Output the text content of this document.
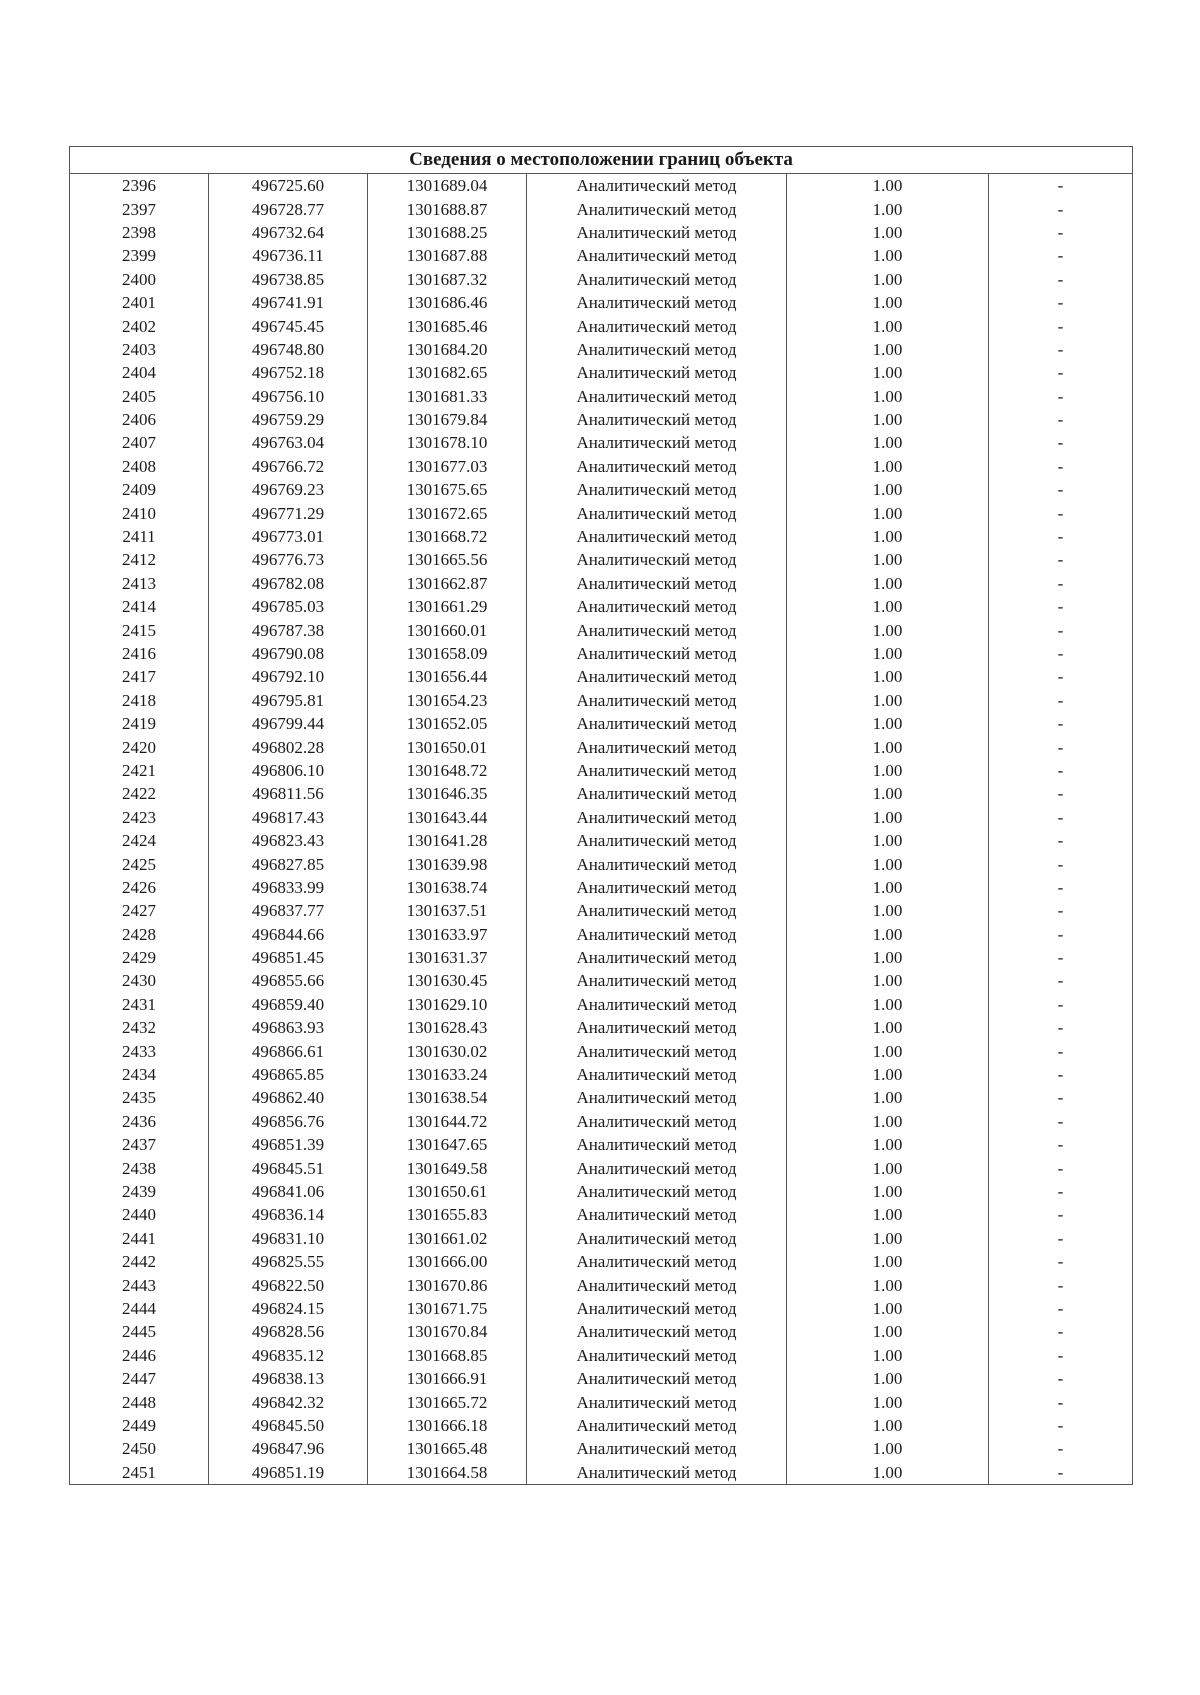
Сведения о местоположении границ объекта					
2396	496725.60	1301689.04	Аналитический метод	1.00	-
2397	496728.77	1301688.87	Аналитический метод	1.00	-
2398	496732.64	1301688.25	Аналитический метод	1.00	-
2399	496736.11	1301687.88	Аналитический метод	1.00	-
2400	496738.85	1301687.32	Аналитический метод	1.00	-
2401	496741.91	1301686.46	Аналитический метод	1.00	-
2402	496745.45	1301685.46	Аналитический метод	1.00	-
2403	496748.80	1301684.20	Аналитический метод	1.00	-
2404	496752.18	1301682.65	Аналитический метод	1.00	-
2405	496756.10	1301681.33	Аналитический метод	1.00	-
2406	496759.29	1301679.84	Аналитический метод	1.00	-
2407	496763.04	1301678.10	Аналитический метод	1.00	-
2408	496766.72	1301677.03	Аналитический метод	1.00	-
2409	496769.23	1301675.65	Аналитический метод	1.00	-
2410	496771.29	1301672.65	Аналитический метод	1.00	-
2411	496773.01	1301668.72	Аналитический метод	1.00	-
2412	496776.73	1301665.56	Аналитический метод	1.00	-
2413	496782.08	1301662.87	Аналитический метод	1.00	-
2414	496785.03	1301661.29	Аналитический метод	1.00	-
2415	496787.38	1301660.01	Аналитический метод	1.00	-
2416	496790.08	1301658.09	Аналитический метод	1.00	-
2417	496792.10	1301656.44	Аналитический метод	1.00	-
2418	496795.81	1301654.23	Аналитический метод	1.00	-
2419	496799.44	1301652.05	Аналитический метод	1.00	-
2420	496802.28	1301650.01	Аналитический метод	1.00	-
2421	496806.10	1301648.72	Аналитический метод	1.00	-
2422	496811.56	1301646.35	Аналитический метод	1.00	-
2423	496817.43	1301643.44	Аналитический метод	1.00	-
2424	496823.43	1301641.28	Аналитический метод	1.00	-
2425	496827.85	1301639.98	Аналитический метод	1.00	-
2426	496833.99	1301638.74	Аналитический метод	1.00	-
2427	496837.77	1301637.51	Аналитический метод	1.00	-
2428	496844.66	1301633.97	Аналитический метод	1.00	-
2429	496851.45	1301631.37	Аналитический метод	1.00	-
2430	496855.66	1301630.45	Аналитический метод	1.00	-
2431	496859.40	1301629.10	Аналитический метод	1.00	-
2432	496863.93	1301628.43	Аналитический метод	1.00	-
2433	496866.61	1301630.02	Аналитический метод	1.00	-
2434	496865.85	1301633.24	Аналитический метод	1.00	-
2435	496862.40	1301638.54	Аналитический метод	1.00	-
2436	496856.76	1301644.72	Аналитический метод	1.00	-
2437	496851.39	1301647.65	Аналитический метод	1.00	-
2438	496845.51	1301649.58	Аналитический метод	1.00	-
2439	496841.06	1301650.61	Аналитический метод	1.00	-
2440	496836.14	1301655.83	Аналитический метод	1.00	-
2441	496831.10	1301661.02	Аналитический метод	1.00	-
2442	496825.55	1301666.00	Аналитический метод	1.00	-
2443	496822.50	1301670.86	Аналитический метод	1.00	-
2444	496824.15	1301671.75	Аналитический метод	1.00	-
2445	496828.56	1301670.84	Аналитический метод	1.00	-
2446	496835.12	1301668.85	Аналитический метод	1.00	-
2447	496838.13	1301666.91	Аналитический метод	1.00	-
2448	496842.32	1301665.72	Аналитический метод	1.00	-
2449	496845.50	1301666.18	Аналитический метод	1.00	-
2450	496847.96	1301665.48	Аналитический метод	1.00	-
2451	496851.19	1301664.58	Аналитический метод	1.00	-
